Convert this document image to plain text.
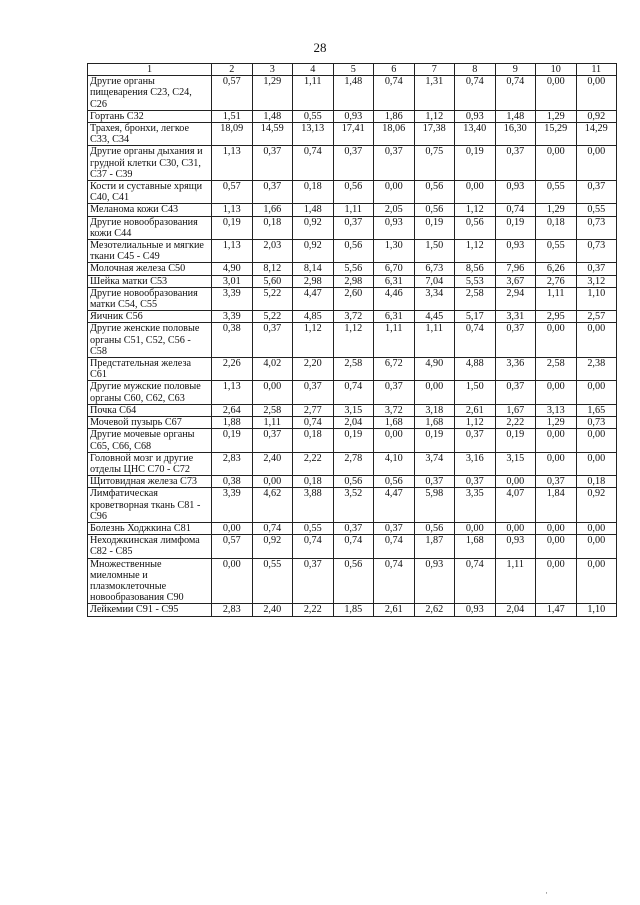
28
1	2	3	4	5	6	7	8	9	10	11
Другие органы пищеварения С23, С24, С26	0,57	1,29	1,11	1,48	0,74	1,31	0,74	0,74	0,00	0,00
Гортань С32	1,51	1,48	0,55	0,93	1,86	1,12	0,93	1,48	1,29	0,92
Трахея, бронхи, легкое С33, С34	18,09	14,59	13,13	17,41	18,06	17,38	13,40	16,30	15,29	14,29
Другие органы дыхания и грудной клетки С30, С31, С37 - С39	1,13	0,37	0,74	0,37	0,37	0,75	0,19	0,37	0,00	0,00
Кости и суставные хрящи С40, С41	0,57	0,37	0,18	0,56	0,00	0,56	0,00	0,93	0,55	0,37
Меланома кожи С43	1,13	1,66	1,48	1,11	2,05	0,56	1,12	0,74	1,29	0,55
Другие новообразования кожи С44	0,19	0,18	0,92	0,37	0,93	0,19	0,56	0,19	0,18	0,73
Мезотелиальные и мягкие ткани С45 - С49	1,13	2,03	0,92	0,56	1,30	1,50	1,12	0,93	0,55	0,73
Молочная железа С50	4,90	8,12	8,14	5,56	6,70	6,73	8,56	7,96	6,26	0,37
Шейка матки С53	3,01	5,60	2,98	2,98	6,31	7,04	5,53	3,67	2,76	3,12
Другие новообразования матки С54, С55	3,39	5,22	4,47	2,60	4,46	3,34	2,58	2,94	1,11	1,10
Яичник С56	3,39	5,22	4,85	3,72	6,31	4,45	5,17	3,31	2,95	2,57
Другие женские половые органы С51, С52, С56 - С58	0,38	0,37	1,12	1,12	1,11	1,11	0,74	0,37	0,00	0,00
Предстательная железа С61	2,26	4,02	2,20	2,58	6,72	4,90	4,88	3,36	2,58	2,38
Другие мужские половые органы С60, С62, С63	1,13	0,00	0,37	0,74	0,37	0,00	1,50	0,37	0,00	0,00
Почка С64	2,64	2,58	2,77	3,15	3,72	3,18	2,61	1,67	3,13	1,65
Мочевой пузырь С67	1,88	1,11	0,74	2,04	1,68	1,68	1,12	2,22	1,29	0,73
Другие мочевые органы С65, С66, С68	0,19	0,37	0,18	0,19	0,00	0,19	0,37	0,19	0,00	0,00
Головной мозг и другие отделы ЦНС С70 - С72	2,83	2,40	2,22	2,78	4,10	3,74	3,16	3,15	0,00	0,00
Щитовидная железа С73	0,38	0,00	0,18	0,56	0,56	0,37	0,37	0,00	0,37	0,18
Лимфатическая кроветворная ткань С81 - С96	3,39	4,62	3,88	3,52	4,47	5,98	3,35	4,07	1,84	0,92
Болезнь Ходжкина С81	0,00	0,74	0,55	0,37	0,37	0,56	0,00	0,00	0,00	0,00
Неходжкинская лимфома С82 - С85	0,57	0,92	0,74	0,74	0,74	1,87	1,68	0,93	0,00	0,00
Множественные миеломные и плазмоклеточные новообразования С90	0,00	0,55	0,37	0,56	0,74	0,93	0,74	1,11	0,00	0,00
Лейкемии С91 - С95	2,83	2,40	2,22	1,85	2,61	2,62	0,93	2,04	1,47	1,10
·
